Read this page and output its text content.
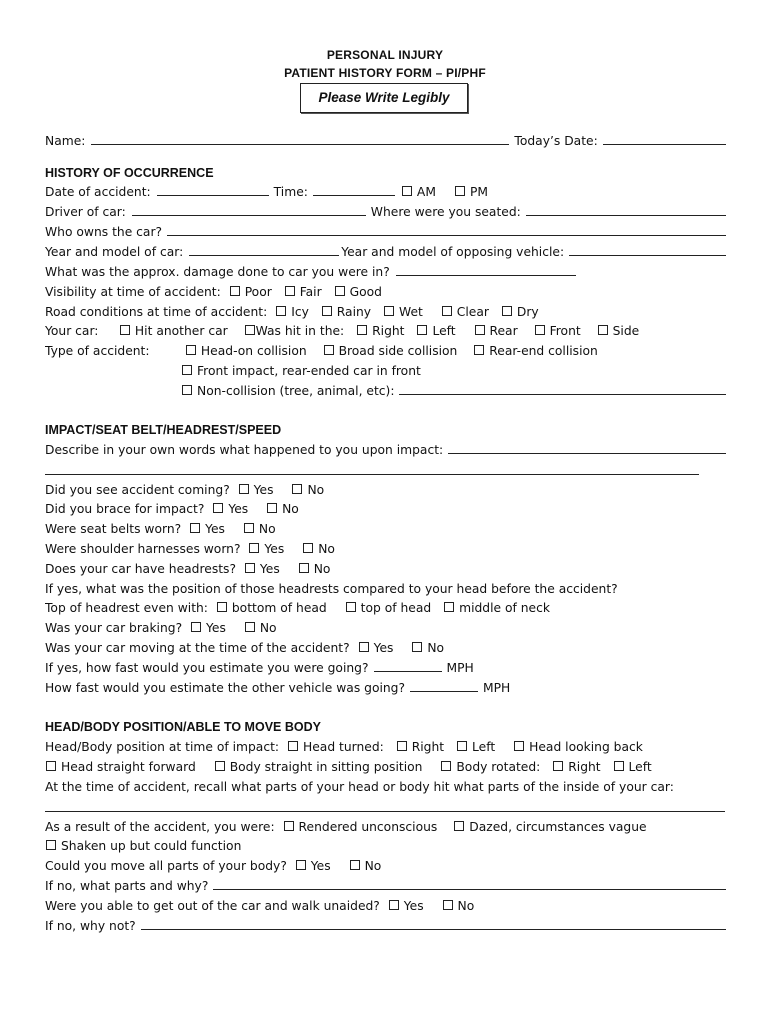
PERSONAL INJURY
PATIENT HISTORY FORM – PI/PHF
Please Write Legibly
Name:	Today’s Date:
HISTORY OF OCCURRENCE
Date of accident:	Time:	AM	PM
Driver of car:	Where were you seated:
Who owns the car?
Year and model of car:	Year and model of opposing vehicle:
What was the approx. damage done to car you were in?
Visibility at time of accident: Poor Fair Good
Road conditions at time of accident: Icy Rainy Wet	Clear Dry
Your car:	Hit another car Was hit in the: Right Left	Rear	Front	Side
Type of accident:	Head-on collision	Broad side collision	Rear-end collision
Front impact, rear-ended car in front
Non-collision (tree, animal, etc):
IMPACT/SEAT BELT/HEADREST/SPEED
Describe in your own words what happened to you upon impact:
Did you see accident coming? Yes	No
Did you brace for impact? Yes	No
Were seat belts worn? Yes	No
Were shoulder harnesses worn? Yes	No
Does your car have headrests? Yes	No
If yes, what was the position of those headrests compared to your head before the accident?
Top of headrest even with: bottom of head	top of head middle of neck
Was your car braking? Yes	No
Was your car moving at the time of the accident? Yes	No
If yes, how fast would you estimate you were going?	MPH
How fast would you estimate the other vehicle was going?	MPH
HEAD/BODY POSITION/ABLE TO MOVE BODY
Head/Body position at time of impact: Head turned: Right Left	Head looking back
Head straight forward	Body straight in sitting position	Body rotated: Right Left
At the time of accident, recall what parts of your head or body hit what parts of the inside of your car:
As a result of the accident, you were: Rendered unconscious	Dazed, circumstances vague
Shaken up but could function
Could you move all parts of your body? Yes	No
If no, what parts and why?
Were you able to get out of the car and walk unaided? Yes	No
If no, why not?
